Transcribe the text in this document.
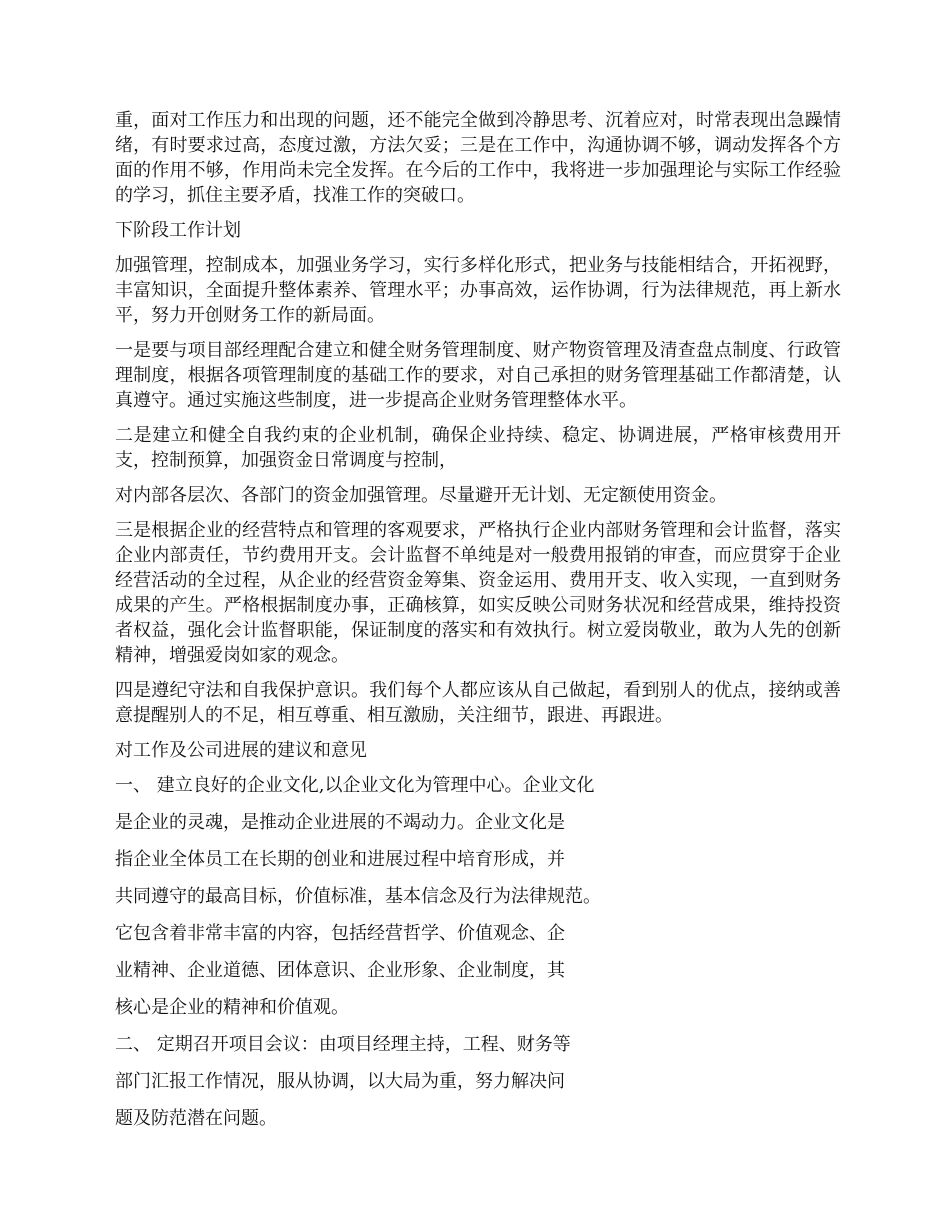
重，面对工作压力和出现的问题，还不能完全做到冷静思考、沉着应对，时常表现出急躁情绪，有时要求过高，态度过激，方法欠妥；三是在工作中，沟通协调不够，调动发挥各个方面的作用不够，作用尚未完全发挥。在今后的工作中，我将进一步加强理论与实际工作经验的学习，抓住主要矛盾，找准工作的突破口。

下阶段工作计划

加强管理，控制成本，加强业务学习，实行多样化形式，把业务与技能相结合，开拓视野，丰富知识，全面提升整体素养、管理水平；办事高效，运作协调，行为法律规范，再上新水平，努力开创财务工作的新局面。

一是要与项目部经理配合建立和健全财务管理制度、财产物资管理及清查盘点制度、行政管理制度，根据各项管理制度的基础工作的要求，对自己承担的财务管理基础工作都清楚，认真遵守。通过实施这些制度，进一步提高企业财务管理整体水平。

二是建立和健全自我约束的企业机制，确保企业持续、稳定、协调进展，严格审核费用开支，控制预算，加强资金日常调度与控制，

对内部各层次、各部门的资金加强管理。尽量避开无计划、无定额使用资金。

三是根据企业的经营特点和管理的客观要求，严格执行企业内部财务管理和会计监督，落实企业内部责任，节约费用开支。会计监督不单纯是对一般费用报销的审查，而应贯穿于企业经营活动的全过程，从企业的经营资金筹集、资金运用、费用开支、收入实现，一直到财务成果的产生。严格根据制度办事，正确核算，如实反映公司财务状况和经营成果，维持投资者权益，强化会计监督职能，保证制度的落实和有效执行。树立爱岗敬业，敢为人先的创新精神，增强爱岗如家的观念。

四是遵纪守法和自我保护意识。我们每个人都应该从自己做起，看到别人的优点，接纳或善意提醒别人的不足，相互尊重、相互激励，关注细节，跟进、再跟进。

对工作及公司进展的建议和意见

一、 建立良好的企业文化,以企业文化为管理中心。企业文化

是企业的灵魂，是推动企业进展的不竭动力。企业文化是

指企业全体员工在长期的创业和进展过程中培育形成，并

共同遵守的最高目标，价值标准，基本信念及行为法律规范。

它包含着非常丰富的内容，包括经营哲学、价值观念、企

业精神、企业道德、团体意识、企业形象、企业制度，其

核心是企业的精神和价值观。

二、 定期召开项目会议：由项目经理主持，工程、财务等

部门汇报工作情况，服从协调，以大局为重，努力解决问

题及防范潜在问题。
